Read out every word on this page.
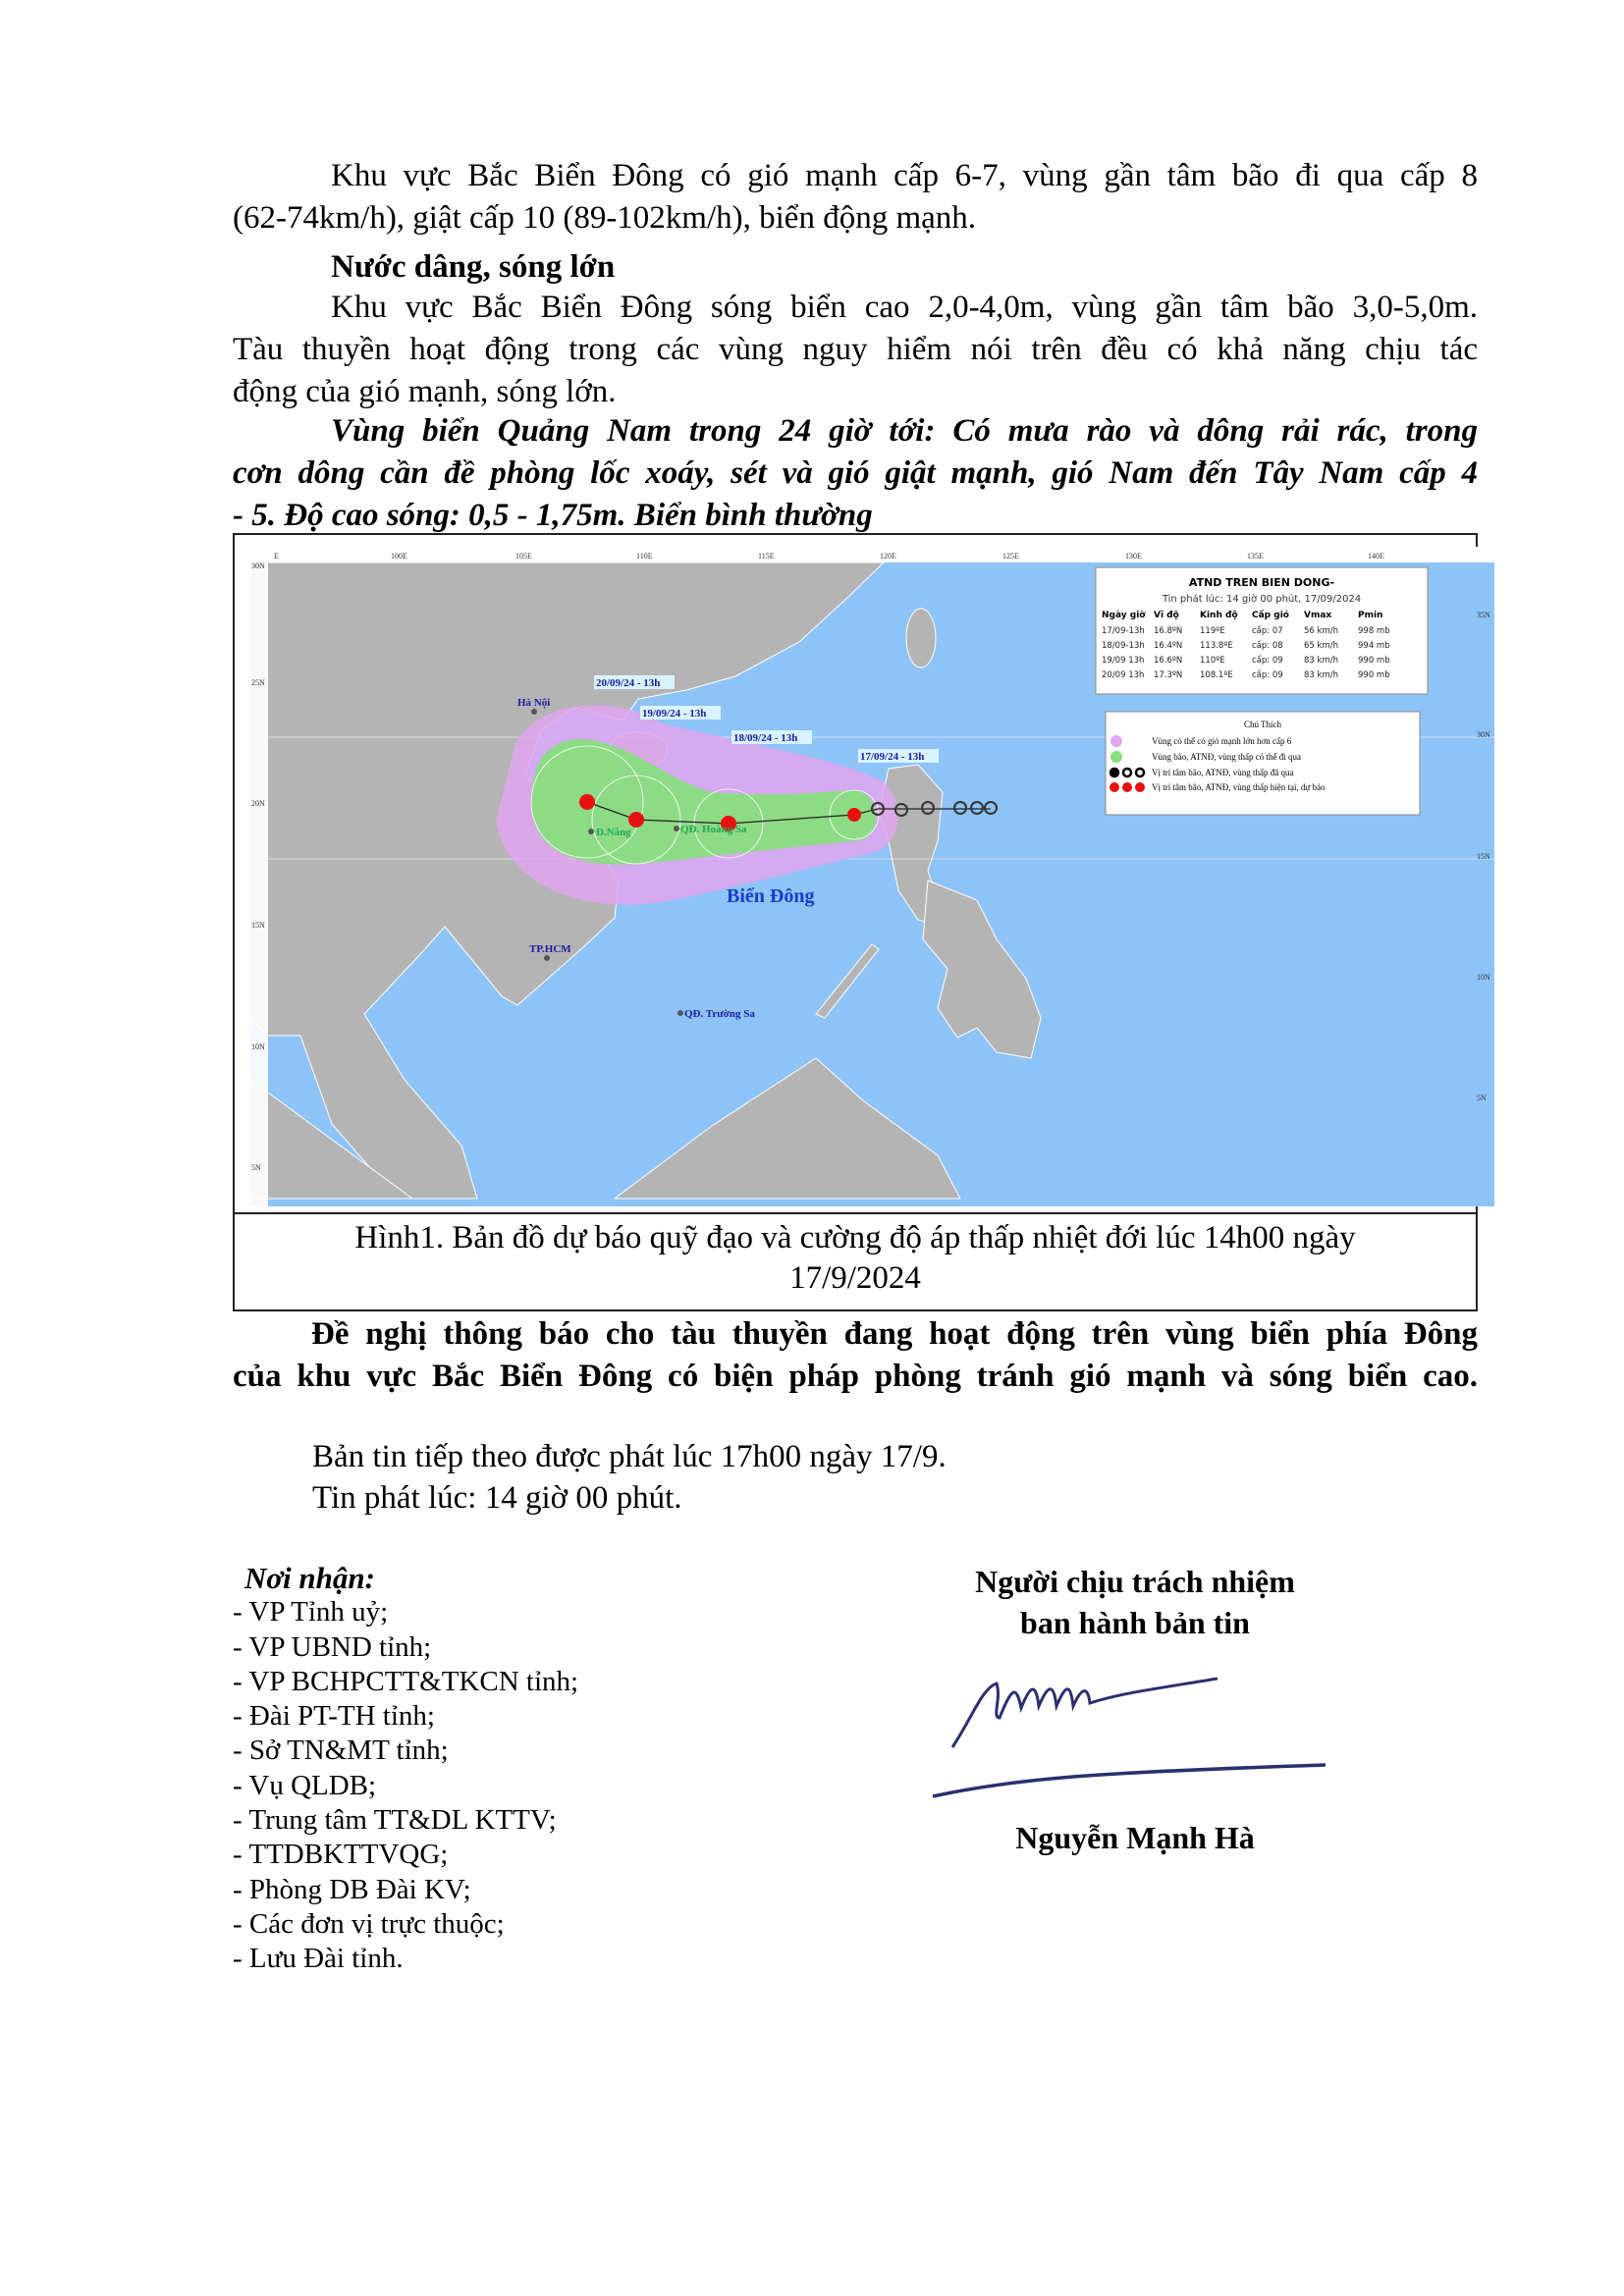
Khu vực Bắc Biển Đông có gió mạnh cấp 6-7, vùng gần tâm bão đi qua cấp 8
(62-74km/h), giật cấp 10 (89-102km/h), biển động mạnh.
Nước dâng, sóng lớn
Khu vực Bắc Biển Đông sóng biển cao 2,0-4,0m, vùng gần tâm bão 3,0-5,0m.
Tàu thuyền hoạt động trong các vùng nguy hiểm nói trên đều có khả năng chịu tác
động của gió mạnh, sóng lớn.
Vùng biển Quảng Nam trong 24 giờ tới: Có mưa rào và dông rải rác, trong
cơn dông cần đề phòng lốc xoáy, sét và gió giật mạnh, gió Nam đến Tây Nam cấp 4
- 5. Độ cao sóng: 0,5 - 1,75m. Biển bình thường
20/09/24 - 13h
19/09/24 - 13h
18/09/24 - 13h
17/09/24 - 13h
Hà Nội
Đ.Nẵng	QĐ. Hoàng Sa
TP.HCM
QĐ. Trường Sa
Biển Đông
E	100E	105E	110E	115E	120E	125E	130E	135E	140E
30N
25N
20N
15N
10N
5N
35N
30N
15N
10N
5N
ATND TREN BIEN DONG-
Tin phát lúc: 14 giờ 00 phút, 17/09/2024
Ngày giờ Vĩ độ Kinh độ Cấp gió Vmax	Pmin
17/09-13h 16.8ºN 119ºE	cấp: 07	56 km/h 998 mb
18/09-13h 16.4ºN 113.8ºE cấp: 08	65 km/h 994 mb
19/09 13h 16.6ºN 110ºE	cấp: 09	83 km/h 990 mb
20/09 13h 17.3ºN 108.1ºE cấp: 09	83 km/h 990 mb
Chú Thích
Vùng có thể có gió mạnh lớn hơn cấp 6
Vùng bão, ATNĐ, vùng thấp có thể đi qua
Vị trí tâm bão, ATNĐ, vùng thấp đã qua
Vị trí tâm bão, ATNĐ, vùng thấp hiện tại, dự báo
Hình1. Bản đồ dự báo quỹ đạo và cường độ áp thấp nhiệt đới lúc 14h00 ngày
17/9/2024
Đề nghị thông báo cho tàu thuyền đang hoạt động trên vùng biển phía Đông
của khu vực Bắc Biển Đông có biện pháp phòng tránh gió mạnh và sóng biển cao.
Bản tin tiếp theo được phát lúc 17h00 ngày 17/9.
Tin phát lúc: 14 giờ 00 phút.
Nơi nhận:
- VP Tỉnh uỷ;
- VP UBND tỉnh;
- VP BCHPCTT&TKCN tỉnh;
- Đài PT-TH tỉnh;
- Sở TN&MT tỉnh;
- Vụ QLDB;
- Trung tâm TT&DL KTTV;
- TTDBKTTVQG;
- Phòng DB Đài KV;
- Các đơn vị trực thuộc;
- Lưu Đài tỉnh.
Người chịu trách nhiệm
ban hành bản tin
Nguyễn Mạnh Hà
